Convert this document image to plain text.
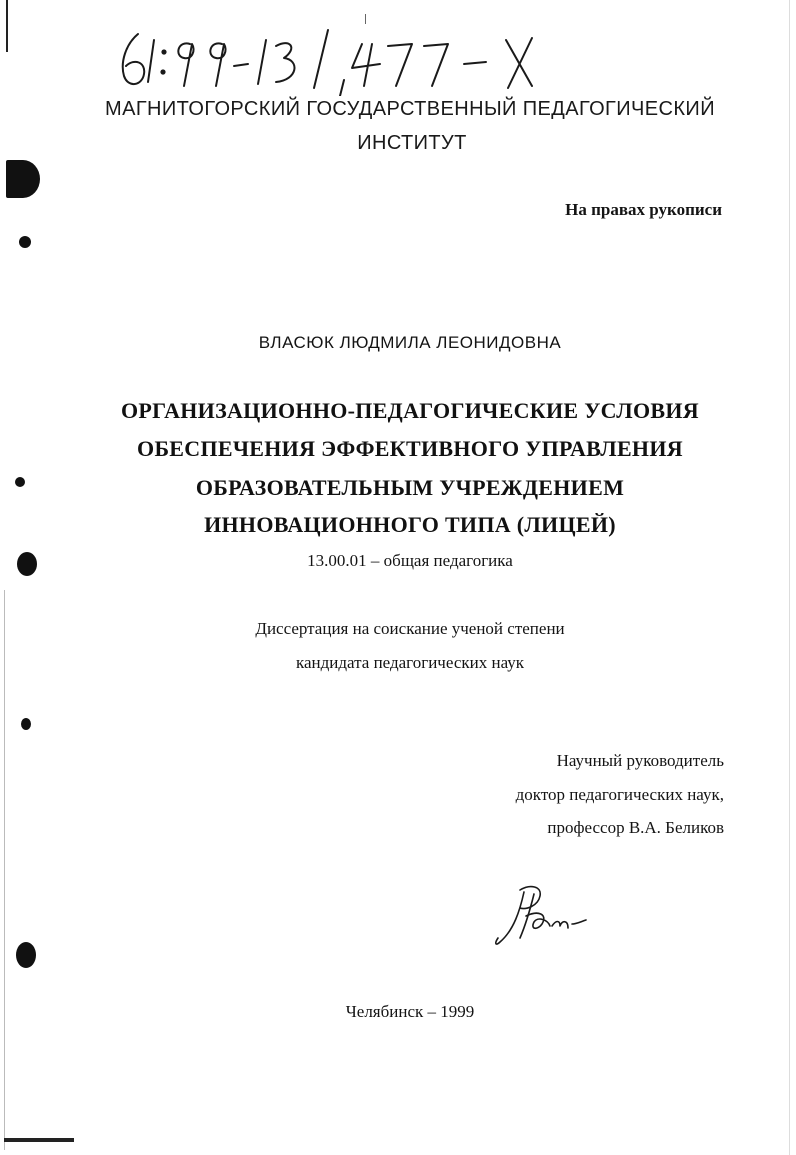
МАГНИТОГОРСКИЙ ГОСУДАРСТВЕННЫЙ ПЕДАГОГИЧЕСКИЙ
ИНСТИТУТ
На правах рукописи
ВЛАСЮК ЛЮДМИЛА ЛЕОНИДОВНА
ОРГАНИЗАЦИОННО-ПЕДАГОГИЧЕСКИЕ УСЛОВИЯ
ОБЕСПЕЧЕНИЯ ЭФФЕКТИВНОГО УПРАВЛЕНИЯ
ОБРАЗОВАТЕЛЬНЫМ УЧРЕЖДЕНИЕМ
ИННОВАЦИОННОГО ТИПА (ЛИЦЕЙ)
13.00.01 – общая педагогика
Диссертация на соискание ученой степени
кандидата педагогических наук
Научный руководитель
доктор педагогических наук,
профессор В.А. Беликов
Челябинск – 1999
